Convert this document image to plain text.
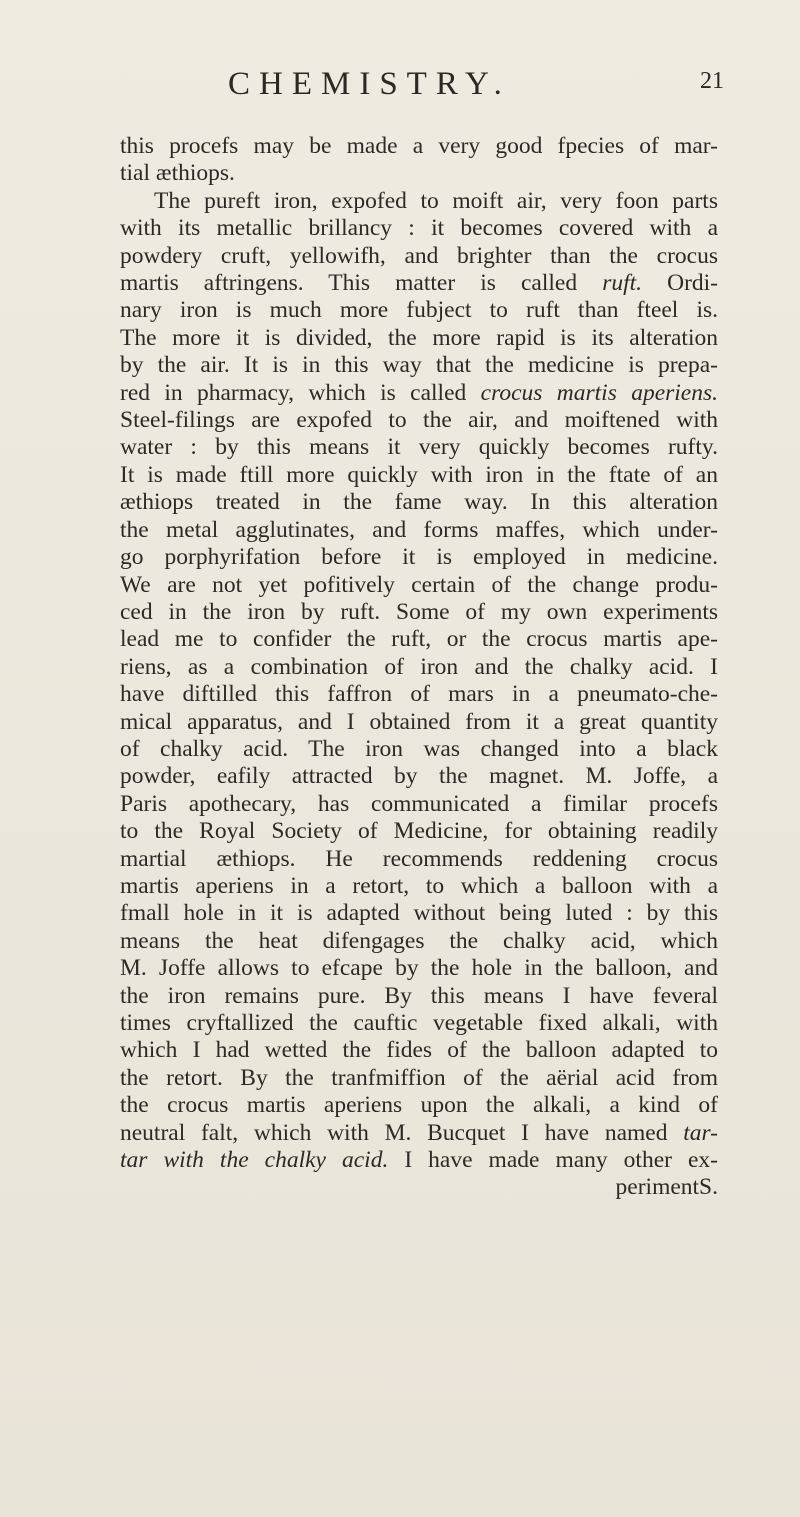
CHEMISTRY.	21
this procefs may be made a very good fpecies of mar-
tial æthiops.
The pureft iron, expofed to moift air, very foon parts
with its metallic brillancy : it becomes covered with a
powdery cruft, yellowifh, and brighter than the crocus
martis aftringens. This matter is called ruft. Ordi-
nary iron is much more fubject to ruft than fteel is.
The more it is divided, the more rapid is its alteration
by the air. It is in this way that the medicine is prepa-
red in pharmacy, which is called crocus martis aperiens.
Steel-filings are expofed to the air, and moiftened with
water : by this means it very quickly becomes rufty.
It is made ftill more quickly with iron in the ftate of an
æthiops treated in the fame way. In this alteration
the metal agglutinates, and forms maffes, which under-
go porphyrifation before it is employed in medicine.
We are not yet pofitively certain of the change produ-
ced in the iron by ruft. Some of my own experiments
lead me to confider the ruft, or the crocus martis ape-
riens, as a combination of iron and the chalky acid. I
have diftilled this faffron of mars in a pneumato-che-
mical apparatus, and I obtained from it a great quantity
of chalky acid. The iron was changed into a black
powder, eafily attracted by the magnet. M. Joffe, a
Paris apothecary, has communicated a fimilar procefs
to the Royal Society of Medicine, for obtaining readily
martial æthiops. He recommends reddening crocus
martis aperiens in a retort, to which a balloon with a
fmall hole in it is adapted without being luted : by this
means the heat difengages the chalky acid, which
M. Joffe allows to efcape by the hole in the balloon, and
the iron remains pure. By this means I have feveral
times cryftallized the cauftic vegetable fixed alkali, with
which I had wetted the fides of the balloon adapted to
the retort. By the tranfmiffion of the aërial acid from
the crocus martis aperiens upon the alkali, a kind of
neutral falt, which with M. Bucquet I have named tar-
tar with the chalky acid. I have made many other ex-
perimentS.
